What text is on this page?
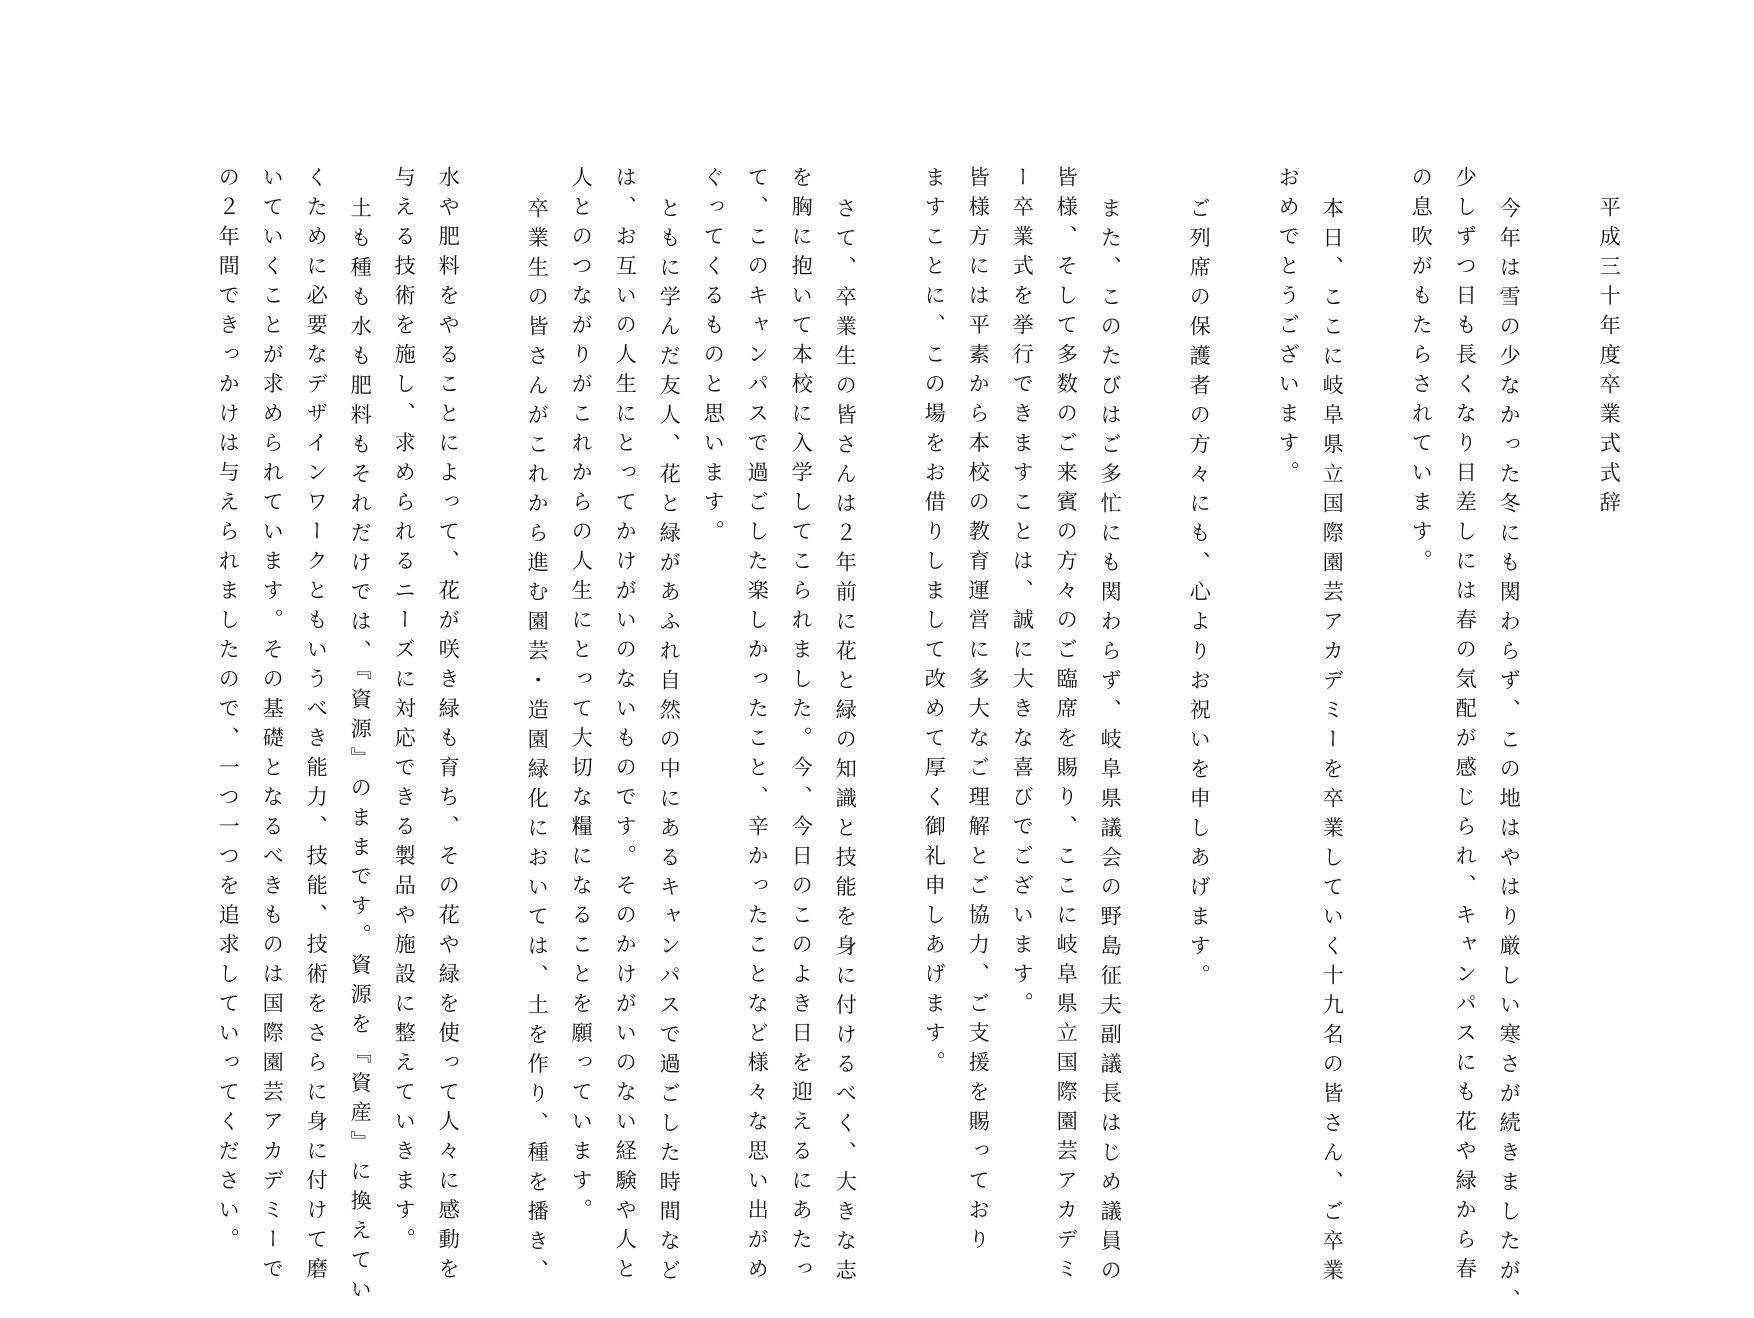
平成三十年度卒業式式辞
今年は雪の少なかった冬にも関わらず、この地はやはり厳しい寒さが続きましたが、
少しずつ日も長くなり日差しには春の気配が感じられ、キャンパスにも花や緑から春
の息吹がもたらされています。
本日、ここに岐阜県立国際園芸アカデミーを卒業していく十九名の皆さん、ご卒業
おめでとうございます。
ご列席の保護者の方々にも、心よりお祝いを申しあげます。
また、このたびはご多忙にも関わらず、岐阜県議会の野島征夫副議長はじめ議員の
皆様、そして多数のご来賓の方々のご臨席を賜り、ここに岐阜県立国際園芸アカデミ
ー卒業式を挙行できますことは、誠に大きな喜びでございます。
皆様方には平素から本校の教育運営に多大なご理解とご協力、ご支援を賜っており
ますことに、この場をお借りしまして改めて厚く御礼申しあげます。
さて、卒業生の皆さんは２年前に花と緑の知識と技能を身に付けるべく、大きな志
を胸に抱いて本校に入学してこられました。今、今日のこのよき日を迎えるにあたっ
て、このキャンパスで過ごした楽しかったこと、辛かったことなど様々な思い出がめ
ぐってくるものと思います。
ともに学んだ友人、花と緑があふれ自然の中にあるキャンパスで過ごした時間など
は、お互いの人生にとってかけがいのないものです。そのかけがいのない経験や人と
人とのつながりがこれからの人生にとって大切な糧になることを願っています。
卒業生の皆さんがこれから進む園芸・造園緑化においては、土を作り、種を播き、
水や肥料をやることによって、花が咲き緑も育ち、その花や緑を使って人々に感動を
与える技術を施し、求められるニーズに対応できる製品や施設に整えていきます。
土も種も水も肥料もそれだけでは、『資源』のままです。資源を『資産』に換えてい
くために必要なデザインワークともいうべき能力、技能、技術をさらに身に付けて磨
いていくことが求められています。その基礎となるべきものは国際園芸アカデミーで
の２年間できっかけは与えられましたので、一つ一つを追求していってください。
